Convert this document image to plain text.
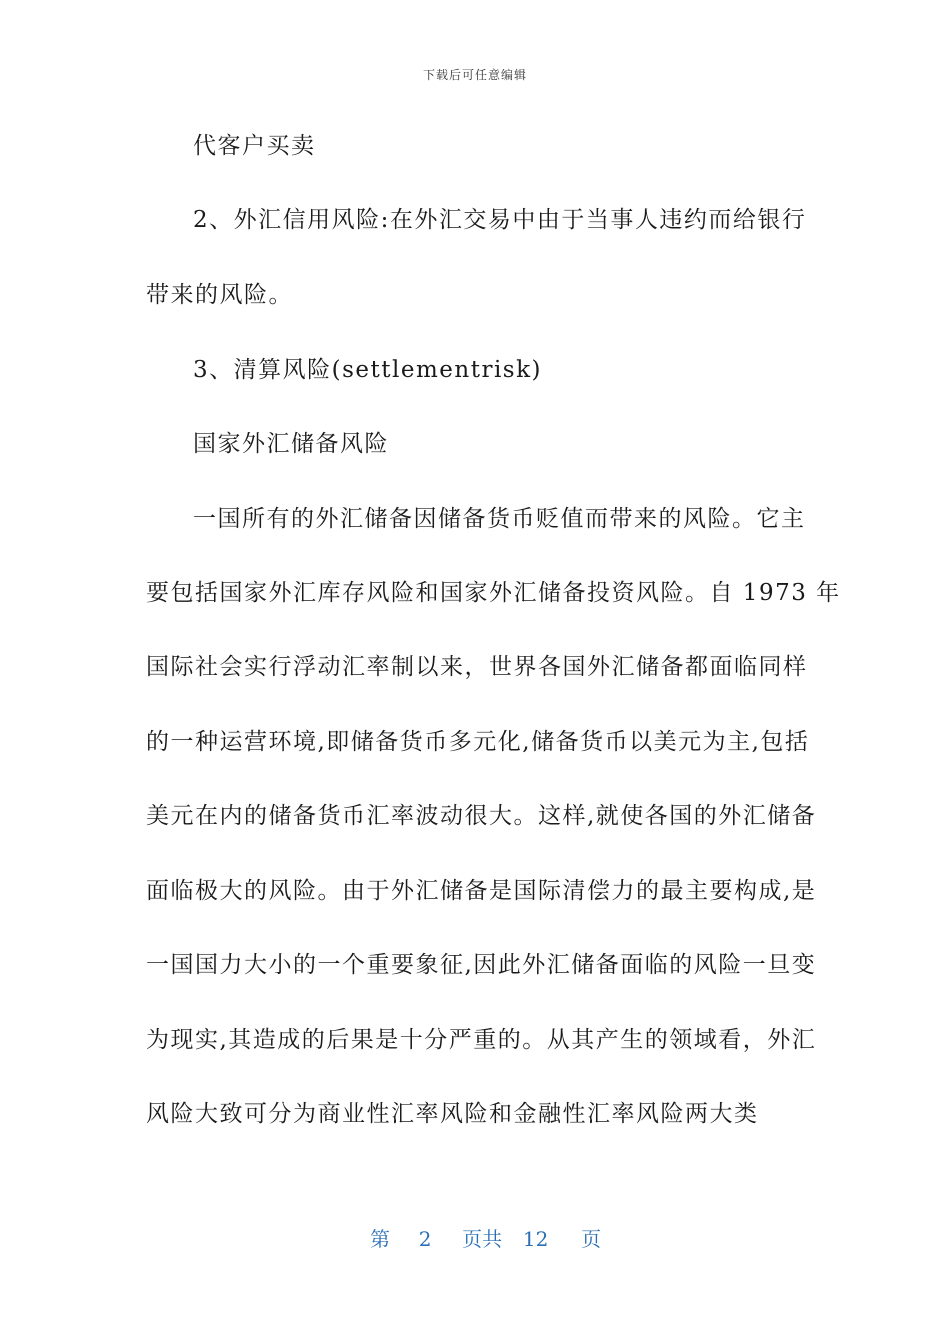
下载后可任意编辑
代客户买卖
2、外汇信用风险:在外汇交易中由于当事人违约而给银行
带来的风险。
3、清算风险(settlementrisk)
国家外汇储备风险
一国所有的外汇储备因储备货币贬值而带来的风险。它主
要包括国家外汇库存风险和国家外汇储备投资风险。自 1973 年
国际社会实行浮动汇率制以来，世界各国外汇储备都面临同样
的一种运营环境,即储备货币多元化,储备货币以美元为主,包括
美元在内的储备货币汇率波动很大。这样,就使各国的外汇储备
面临极大的风险。由于外汇储备是国际清偿力的最主要构成,是
一国国力大小的一个重要象征,因此外汇储备面临的风险一旦变
为现实,其造成的后果是十分严重的。从其产生的领域看，外汇
风险大致可分为商业性汇率风险和金融性汇率风险两大类
第 2 页共 12 页
